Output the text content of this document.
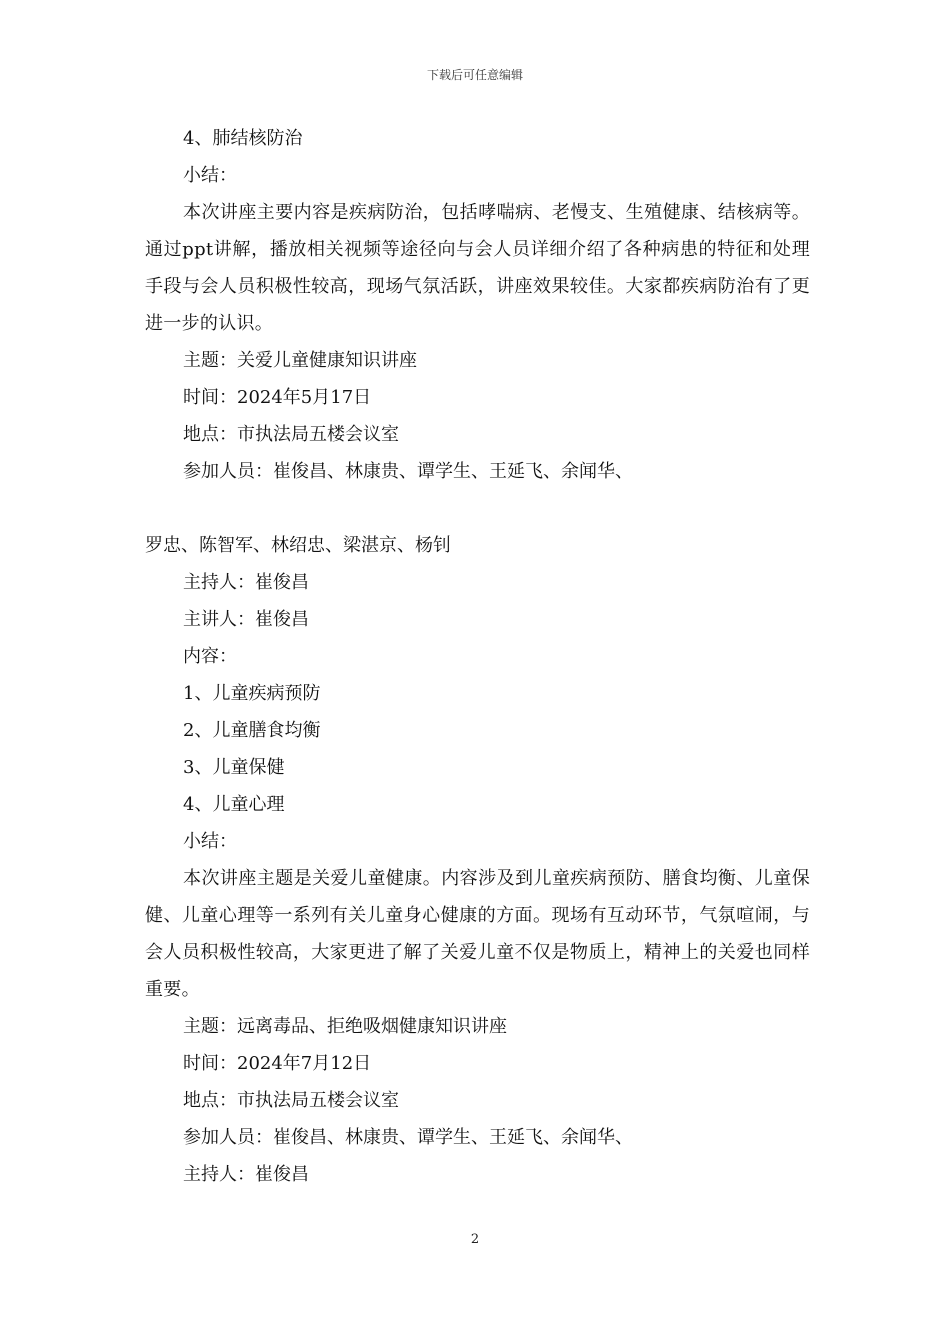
下载后可任意编辑
4、肺结核防治
小结：
本次讲座主要内容是疾病防治，包括哮喘病、老慢支、生殖健康、结核病等。通过ppt讲解，播放相关视频等途径向与会人员详细介绍了各种病患的特征和处理手段与会人员积极性较高，现场气氛活跃，讲座效果较佳。大家都疾病防治有了更进一步的认识。
主题：关爱儿童健康知识讲座
时间：2024年5月17日
地点：市执法局五楼会议室
参加人员：崔俊昌、林康贵、谭学生、王延飞、余闻华、
罗忠、陈智军、林绍忠、梁湛京、杨钊
主持人：崔俊昌
主讲人：崔俊昌
内容：
1、儿童疾病预防
2、儿童膳食均衡
3、儿童保健
4、儿童心理
小结：
本次讲座主题是关爱儿童健康。内容涉及到儿童疾病预防、膳食均衡、儿童保健、儿童心理等一系列有关儿童身心健康的方面。现场有互动环节，气氛喧闹，与会人员积极性较高，大家更进了解了关爱儿童不仅是物质上，精神上的关爱也同样重要。
主题：远离毒品、拒绝吸烟健康知识讲座
时间：2024年7月12日
地点：市执法局五楼会议室
参加人员：崔俊昌、林康贵、谭学生、王延飞、余闻华、
主持人：崔俊昌
2
